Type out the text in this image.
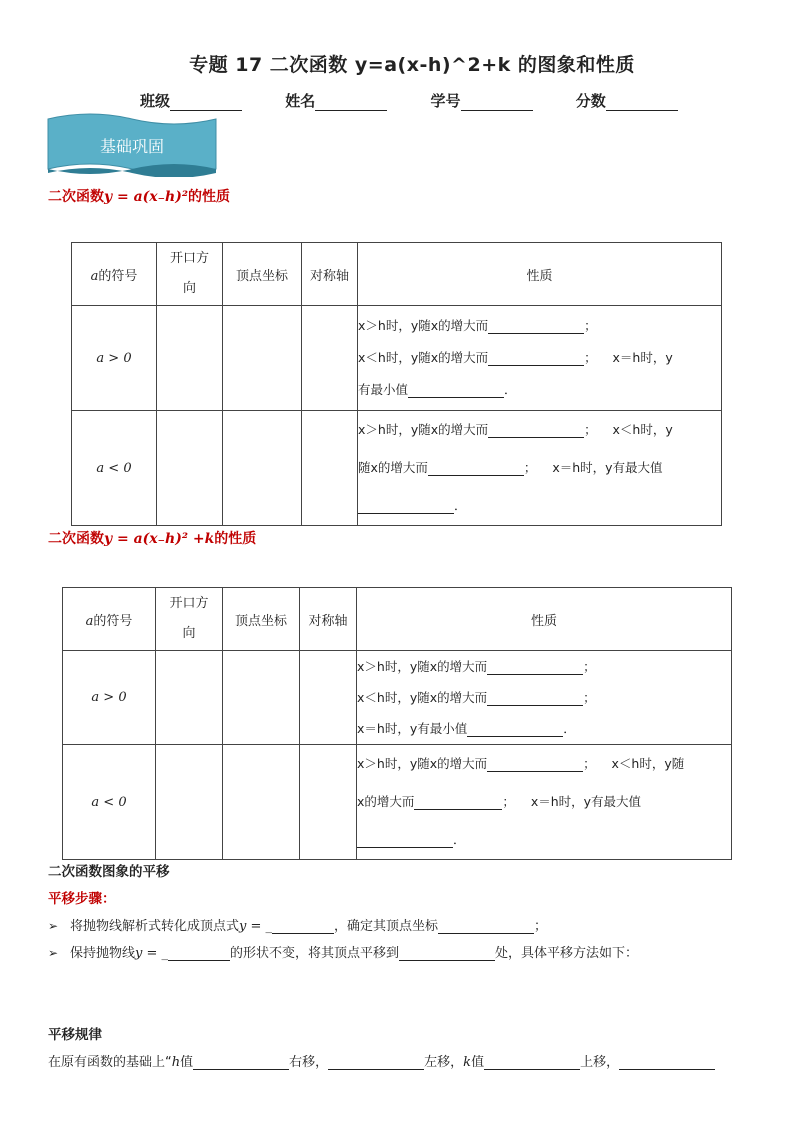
专题 17 二次函数 y=a(x-h)^2+k 的图象和性质
班级	姓名	学号	分数
基础巩固
二次函数y = a(x₋h)²的性质
a的符号	开口方
向	顶点坐标	对称轴	性质
a > 0				x＞h时，y随x的增大而 ；
x＜h时，y随x的增大而 ；    x＝h时，y
有最小值 ．

a < 0				x＞h时，y随x的增大而 ；    x＜h时，y
随x的增大而 ；    x＝h时，y有最大值
．
二次函数y = a(x₋h)² +k的性质
a的符号	开口方
向	顶点坐标	对称轴	性质
a > 0				x＞h时，y随x的增大而 ；
x＜h时，y随x的增大而 ；
x＝h时，y有最小值 ．

a < 0				x＞h时，y随x的增大而 ；    x＜h时，y随
x的增大而 ；    x＝h时，y有最大值
．
二次函数图象的平移
平移步骤：
➢ 将抛物线解析式转化成顶点式y = _	，确定其顶点坐标	；
➢ 保持抛物线y = _	的形状不变，将其顶点平移到	处，具体平移方法如下：
平移规律
在原有函数的基础上“h值	右移，	左移，k值	上移，
